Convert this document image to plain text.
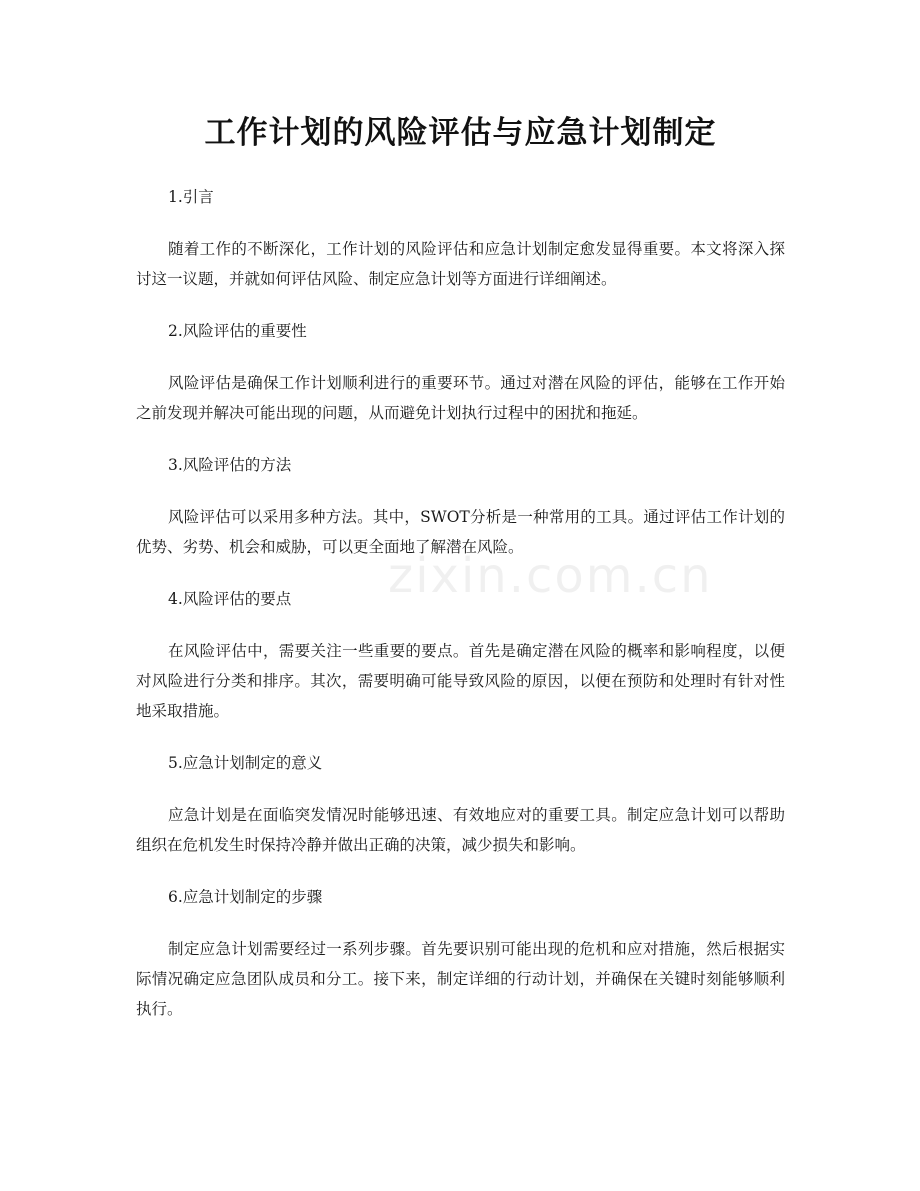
工作计划的风险评估与应急计划制定

1.引言

随着工作的不断深化，工作计划的风险评估和应急计划制定愈发显得重要。本文将深入探讨这一议题，并就如何评估风险、制定应急计划等方面进行详细阐述。

2.风险评估的重要性

风险评估是确保工作计划顺利进行的重要环节。通过对潜在风险的评估，能够在工作开始之前发现并解决可能出现的问题，从而避免计划执行过程中的困扰和拖延。

3.风险评估的方法

风险评估可以采用多种方法。其中，SWOT分析是一种常用的工具。通过评估工作计划的优势、劣势、机会和威胁，可以更全面地了解潜在风险。

4.风险评估的要点

在风险评估中，需要关注一些重要的要点。首先是确定潜在风险的概率和影响程度，以便对风险进行分类和排序。其次，需要明确可能导致风险的原因，以便在预防和处理时有针对性地采取措施。

5.应急计划制定的意义

应急计划是在面临突发情况时能够迅速、有效地应对的重要工具。制定应急计划可以帮助组织在危机发生时保持冷静并做出正确的决策，减少损失和影响。

6.应急计划制定的步骤

制定应急计划需要经过一系列步骤。首先要识别可能出现的危机和应对措施，然后根据实际情况确定应急团队成员和分工。接下来，制定详细的行动计划，并确保在关键时刻能够顺利执行。

zixin.com.cn
